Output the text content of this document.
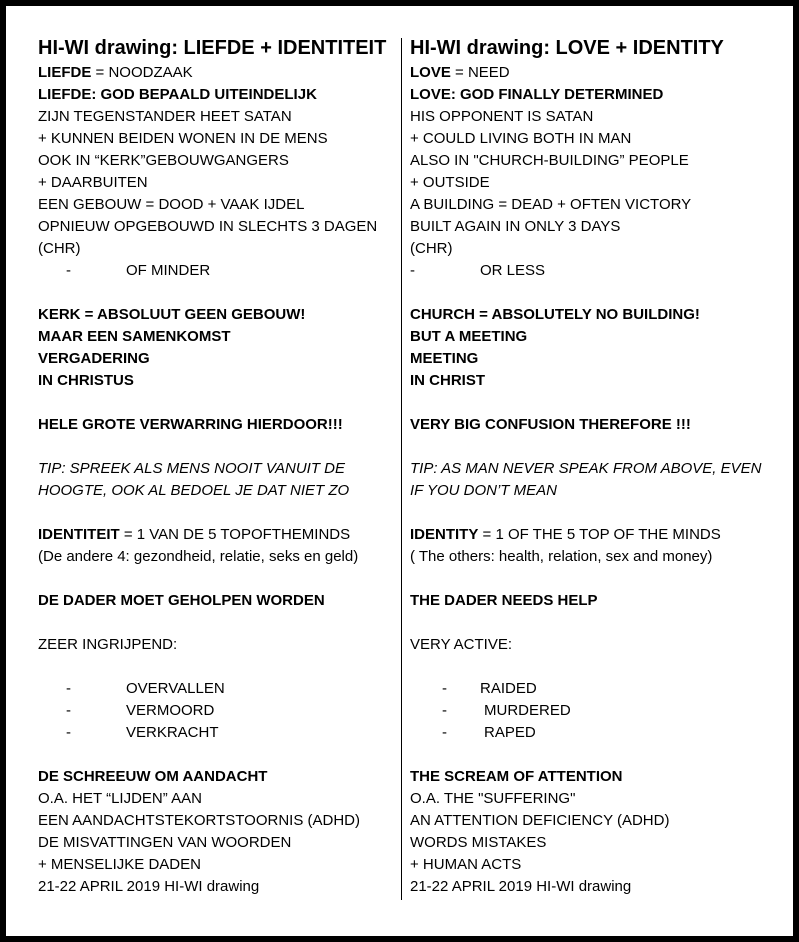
HI-WI drawing: LIEFDE + IDENTITEIT
LIEFDE = NOODZAAK
LIEFDE: GOD BEPAALD UITEINDELIJK
ZIJN TEGENSTANDER HEET SATAN
+ KUNNEN BEIDEN WONEN IN DE MENS
OOK IN “KERK”GEBOUWGANGERS
+ DAARBUITEN
EEN GEBOUW = DOOD + VAAK IJDEL
OPNIEUW OPGEBOUWD IN SLECHTS 3 DAGEN
(CHR)
-	OF MINDER
KERK = ABSOLUUT GEEN GEBOUW!
MAAR EEN SAMENKOMST
VERGADERING
IN CHRISTUS
HELE GROTE VERWARRING HIERDOOR!!!
TIP: SPREEK ALS MENS NOOIT VANUIT DE
HOOGTE, OOK AL BEDOEL JE DAT NIET ZO
IDENTITEIT = 1 VAN DE 5 TOPOFTHEMINDS
(De andere 4: gezondheid, relatie, seks en geld)
DE DADER MOET GEHOLPEN WORDEN
ZEER INGRIJPEND:
-	OVERVALLEN
-	VERMOORD
-	VERKRACHT
DE SCHREEUW OM AANDACHT
O.A. HET “LIJDEN” AAN
EEN AANDACHTSTEKORTSTOORNIS (ADHD)
DE MISVATTINGEN VAN WOORDEN
+ MENSELIJKE DADEN
21-22 APRIL 2019 HI-WI drawing
HI-WI drawing: LOVE + IDENTITY
LOVE = NEED
LOVE: GOD FINALLY DETERMINED
HIS OPPONENT IS SATAN
+ COULD LIVING BOTH IN MAN
ALSO IN "CHURCH-BUILDING” PEOPLE
+ OUTSIDE
A BUILDING = DEAD + OFTEN VICTORY
BUILT AGAIN IN ONLY 3 DAYS
(CHR)
-	OR LESS
CHURCH = ABSOLUTELY NO BUILDING!
BUT A MEETING
MEETING
IN CHRIST
VERY BIG CONFUSION THEREFORE !!!
TIP: AS MAN NEVER SPEAK FROM ABOVE, EVEN
IF YOU DON’T MEAN
IDENTITY = 1 OF THE 5 TOP OF THE MINDS
( The others: health, relation, sex and money)
THE DADER NEEDS HELP
VERY ACTIVE:
- RAIDED
- MURDERED
- RAPED
THE SCREAM OF ATTENTION
O.A. THE "SUFFERING"
AN ATTENTION DEFICIENCY (ADHD)
WORDS MISTAKES
+ HUMAN ACTS
21-22 APRIL 2019 HI-WI drawing
